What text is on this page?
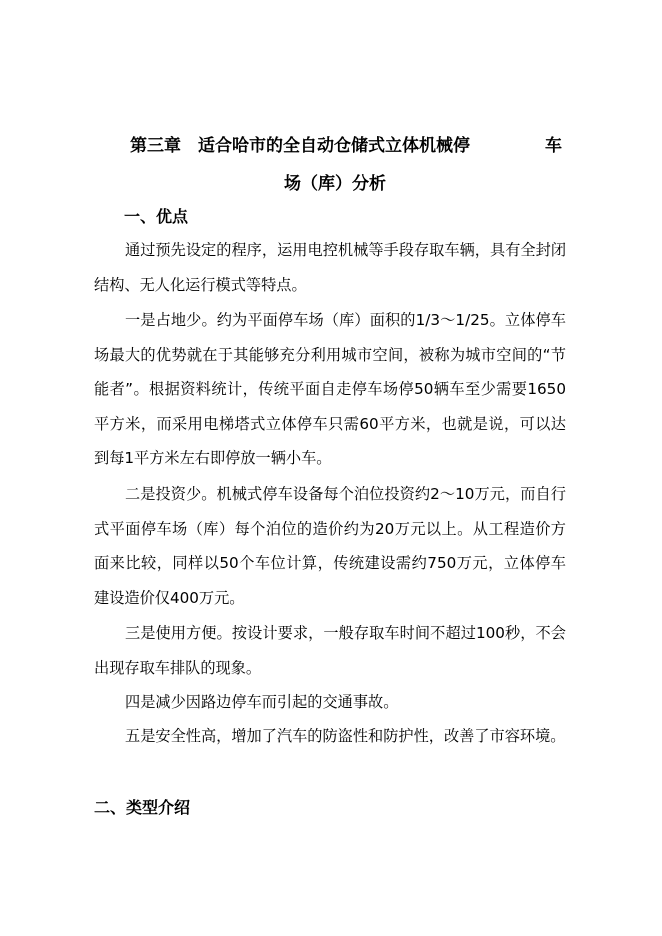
第三章　适合哈市的全自动仓储式立体机械停	车
场（库）分析
一、优点

通过预先设定的程序，运用电控机械等手段存取车辆，具有全封闭结构、无人化运行模式等特点。

一是占地少。约为平面停车场（库）面积的1/3～1/25。立体停车场最大的优势就在于其能够充分利用城市空间，被称为城市空间的“节能者”。根据资料统计，传统平面自走停车场停50辆车至少需要1650平方米，而采用电梯塔式立体停车只需60平方米，也就是说，可以达到每1平方米左右即停放一辆小车。

二是投资少。机械式停车设备每个泊位投资约2～10万元，而自行式平面停车场（库）每个泊位的造价约为20万元以上。从工程造价方面来比较，同样以50个车位计算，传统建设需约750万元，立体停车建设造价仅400万元。

三是使用方便。按设计要求，一般存取车时间不超过100秒，不会出现存取车排队的现象。

四是减少因路边停车而引起的交通事故。

五是安全性高，增加了汽车的防盗性和防护性，改善了市容环境。

二、类型介绍
